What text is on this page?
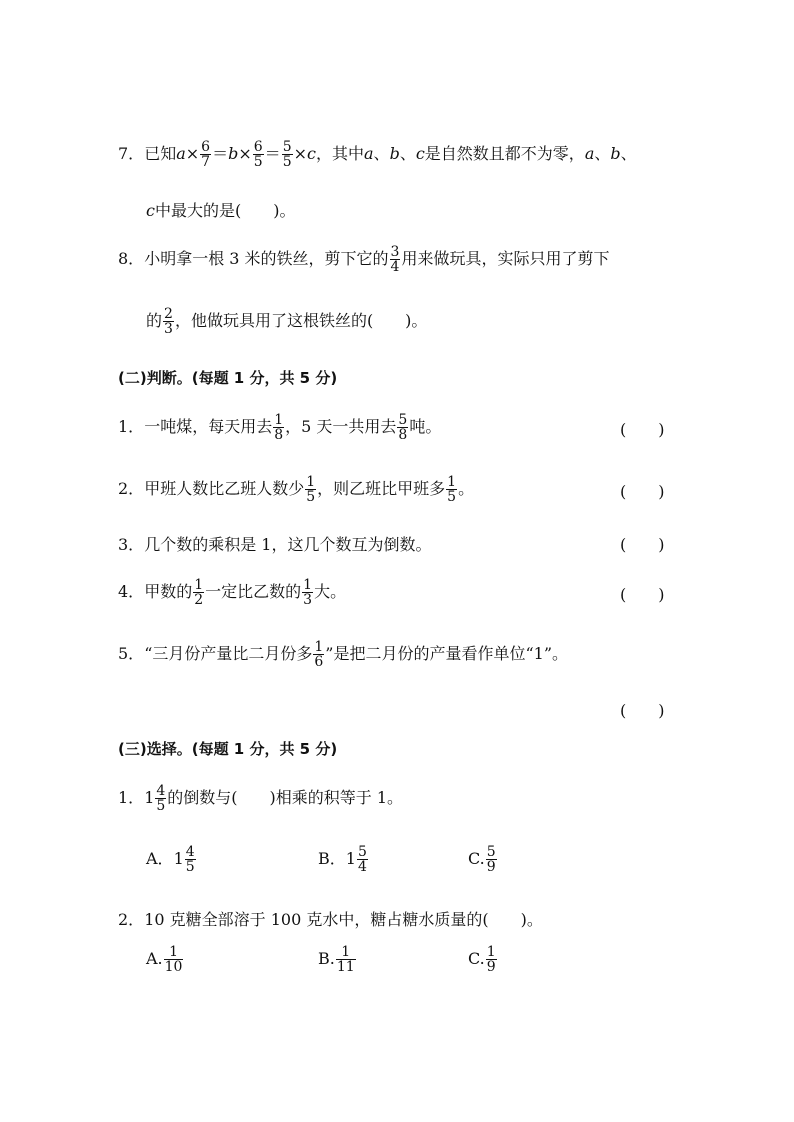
7．已知$a\times \frac{6}{7} =b\times \frac{6}{5} = \frac{5}{5} \times c$，其中a、b、c是自然数且都不为零，a、b、
c中最大的是(　　)。
8．小明拿一根 3 米的铁丝，剪下它的 $\frac{3}{4}$ 用来做玩具，实际只用了剪下
的 $\frac{2}{3}$ ，他做玩具用了这根铁丝的(　　)。
(二)判断。(每题 1 分，共 5 分)
1．一吨煤，每天用去 $\frac{1}{8}$ ，5 天一共用去 $\frac{5}{8}$ 吨。	(　　)
2．甲班人数比乙班人数少 $\frac{1}{5}$ ，则乙班比甲班多 $\frac{1}{5}$ 。	(　　)
3．几个数的乘积是 1，这几个数互为倒数。	(　　)
4．甲数的 $\frac{1}{2}$ 一定比乙数的 $\frac{1}{3}$ 大。	(　　)
5．“三月份产量比二月份多 $\frac{1}{6}$ ”是把二月份的产量看作单位“1”。
(　　)
(三)选择。(每题 1 分，共 5 分)
1．$1 \frac{4}{5}$ 的倒数与(　　)相乘的积等于 1。
A．$1 \frac{4}{5}$	B．$1 \frac{5}{4}$	C. $\frac{5}{9}$
2．10 克糖全部溶于 100 克水中，糖占糖水质量的(　　)。
A. $\frac{1}{10}$	B. $\frac{1}{11}$	C. $\frac{1}{9}$
